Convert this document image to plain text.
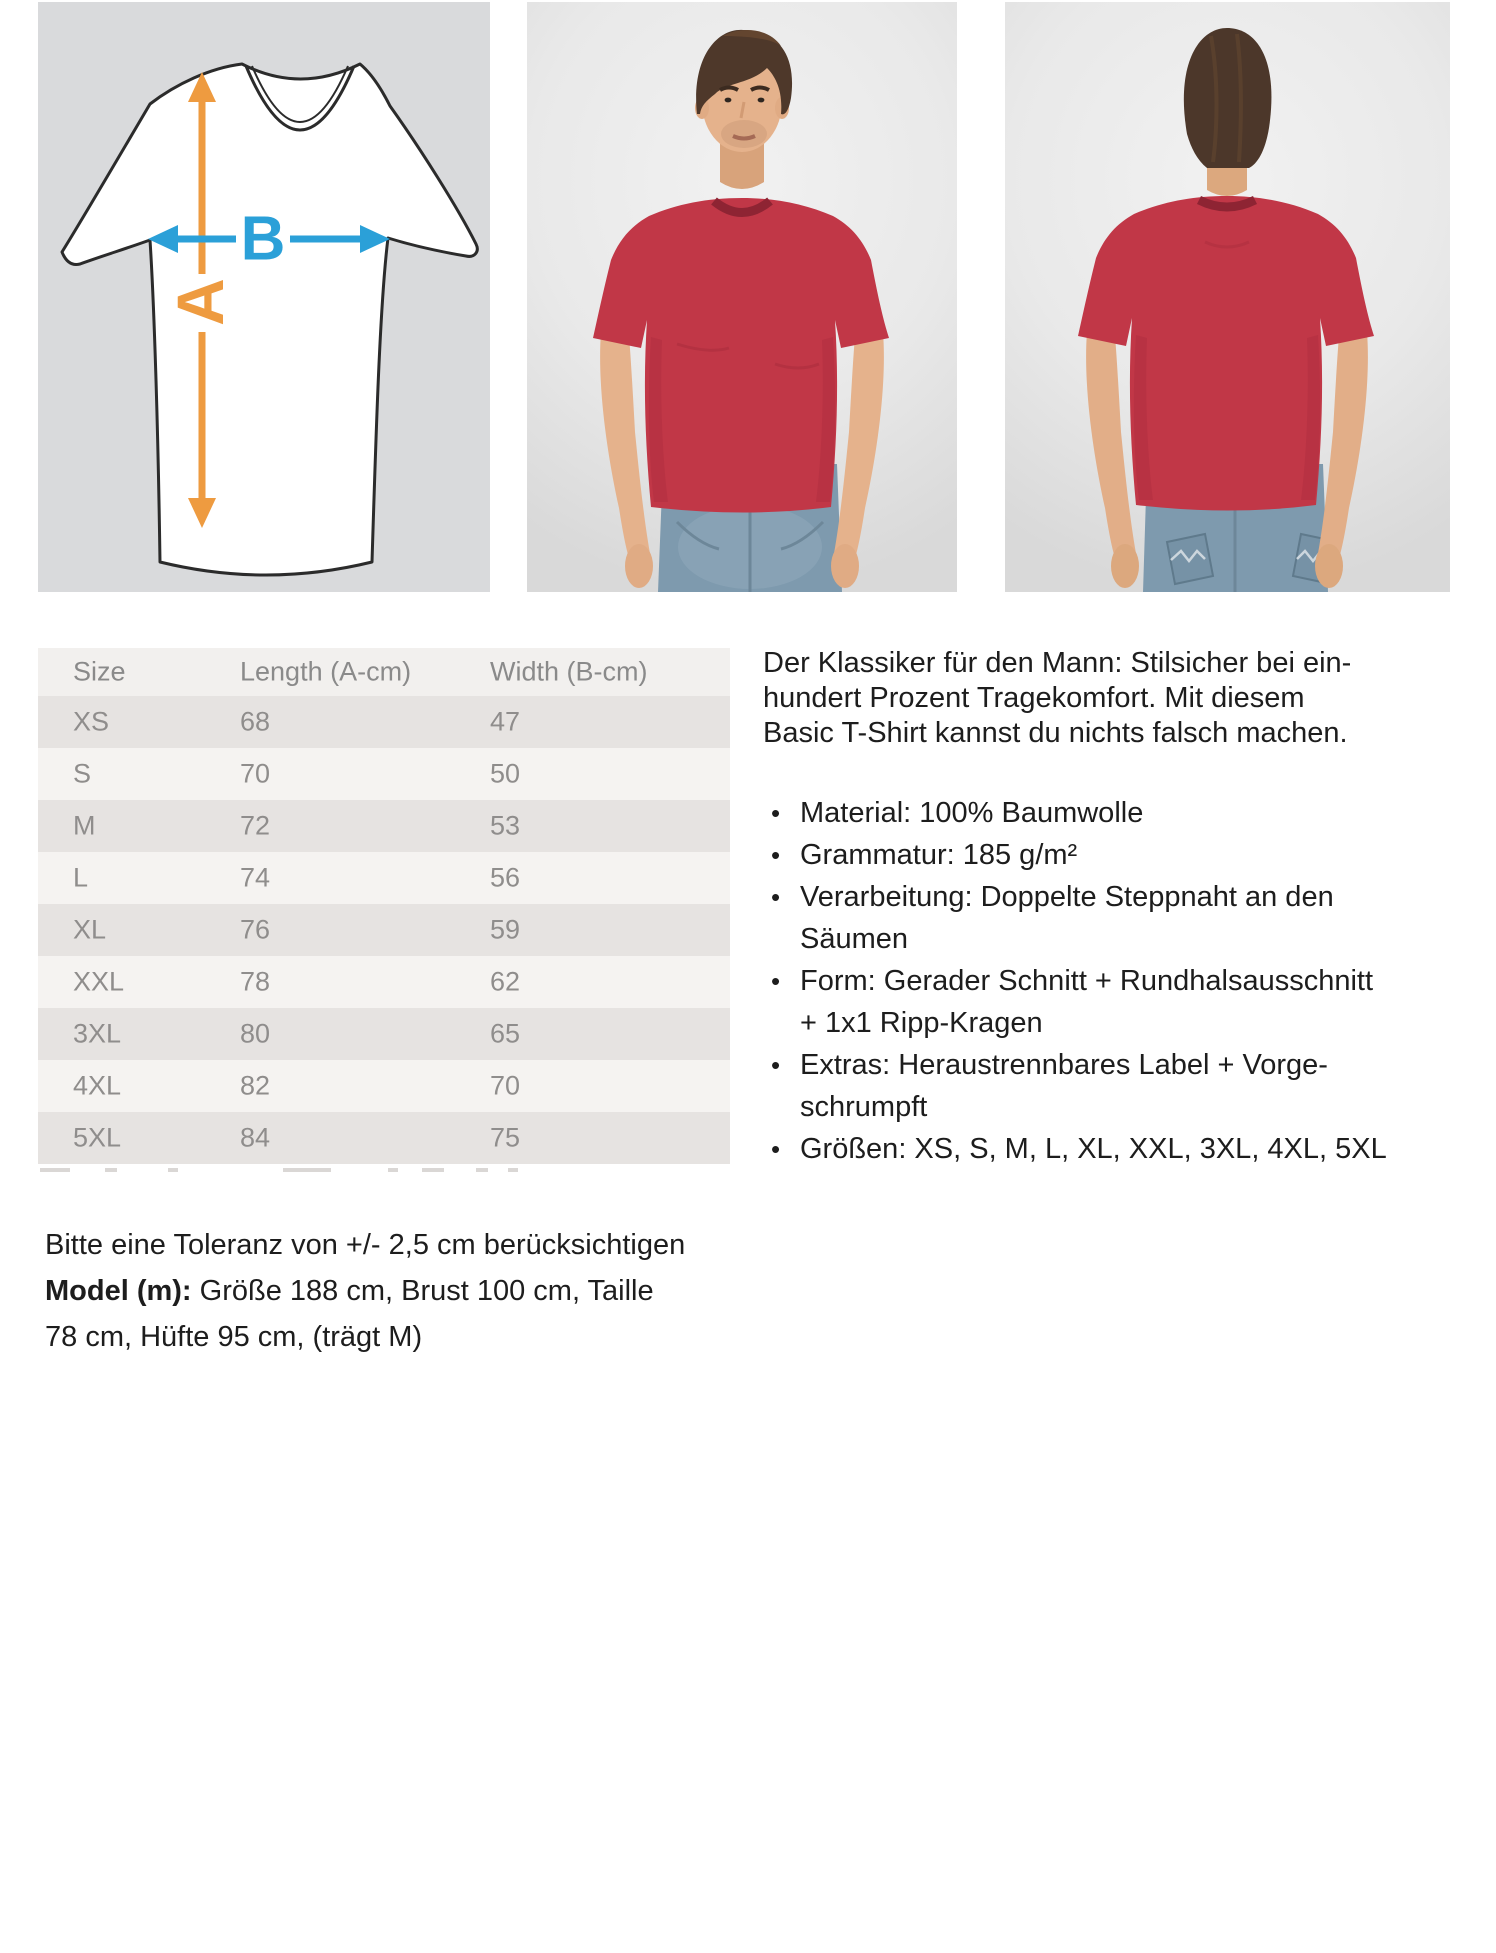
A
B
Size	Length (A-cm)	Width (B-cm)
XS	68	47
S	70	50
M	72	53
L	74	56
XL	76	59
XXL	78	62
3XL	80	65
4XL	82	70
5XL	84	75
Bitte eine Toleranz von +/- 2,5 cm berücksichtigen
Model (m): Größe 188 cm, Brust 100 cm, Taille
78 cm, Hüfte 95 cm, (trägt M)
Der Klassiker für den Mann: Stilsicher bei ein-
hundert Prozent Tragekomfort. Mit diesem
Basic T-Shirt kannst du nichts falsch machen.
• Material: 100% Baumwolle
• Grammatur: 185 g/m²
• Verarbeitung: Doppelte Steppnaht an den
Säumen
• Form: Gerader Schnitt + Rundhalsausschnitt
+ 1x1 Ripp-Kragen
• Extras: Heraustrennbares Label + Vorge-
schrumpft
• Größen: XS, S, M, L, XL, XXL, 3XL, 4XL, 5XL
